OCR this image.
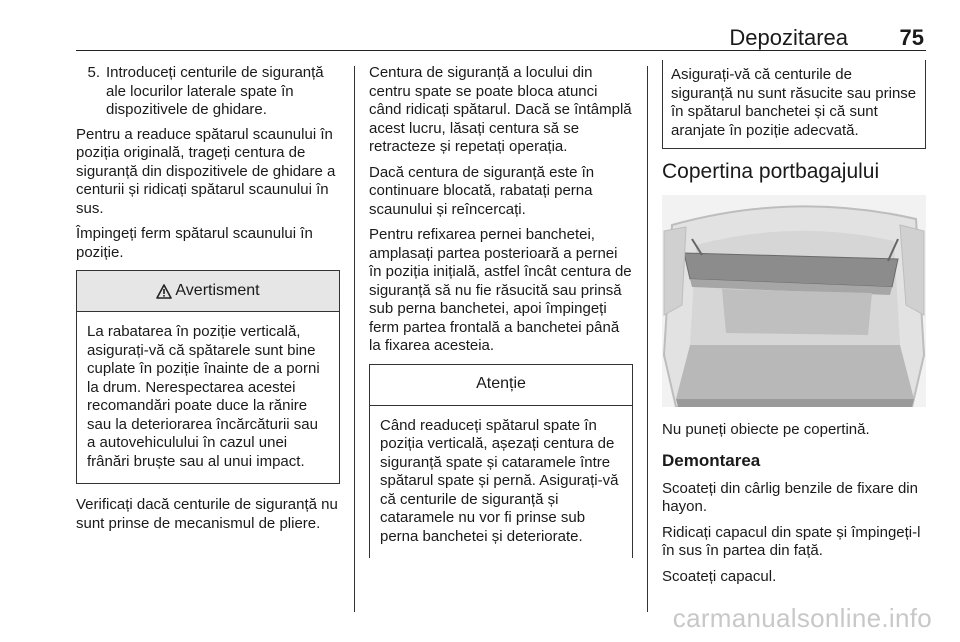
Depozitarea 75
5. Introduceți centurile de siguranță ale locurilor laterale spate în dispozitivele de ghidare.

Pentru a readuce spătarul scaunului în poziția originală, trageți centura de siguranță din dispozitivele de ghidare a centurii și ridicați spătarul scaunului în sus.

Împingeți ferm spătarul scaunului în poziție.

Avertisment
La rabatarea în poziție verticală, asigurați-vă că spătarele sunt bine cuplate în poziție înainte de a porni la drum. Nerespectarea acestei recomandări poate duce la rănire sau la deteriorarea încărcăturii sau a autovehiculului în cazul unei frânări bruște sau al unui impact.

Verificați dacă centurile de siguranță nu sunt prinse de mecanismul de pliere.

Centura de siguranță a locului din centru spate se poate bloca atunci când ridicați spătarul. Dacă se întâmplă acest lucru, lăsați centura să se retracteze și repetați operația.

Dacă centura de siguranță este în continuare blocată, rabatați perna scaunului și reîncercați.

Pentru refixarea pernei banchetei, amplasați partea posterioară a pernei în poziția inițială, astfel încât centura de siguranță să nu fie răsucită sau prinsă sub perna banchetei, apoi împingeți ferm partea frontală a banchetei până la fixarea acesteia.

Atenție
Când readuceți spătarul spate în poziția verticală, așezați centura de siguranță spate și cataramele între spătarul spate și pernă. Asigurați-vă că centurile de siguranță și cataramele nu vor fi prinse sub perna banchetei și deteriorate.
Asigurați-vă că centurile de siguranță nu sunt răsucite sau prinse în spătarul banchetei și că sunt aranjate în poziție adecvată.
Copertina portbagajului

Nu puneți obiecte pe copertină.

Demontarea

Scoateți din cârlig benzile de fixare din hayon.

Ridicați capacul din spate și împingeți-l în sus în partea din față.

Scoateți capacul.

carmanualsonline.info
